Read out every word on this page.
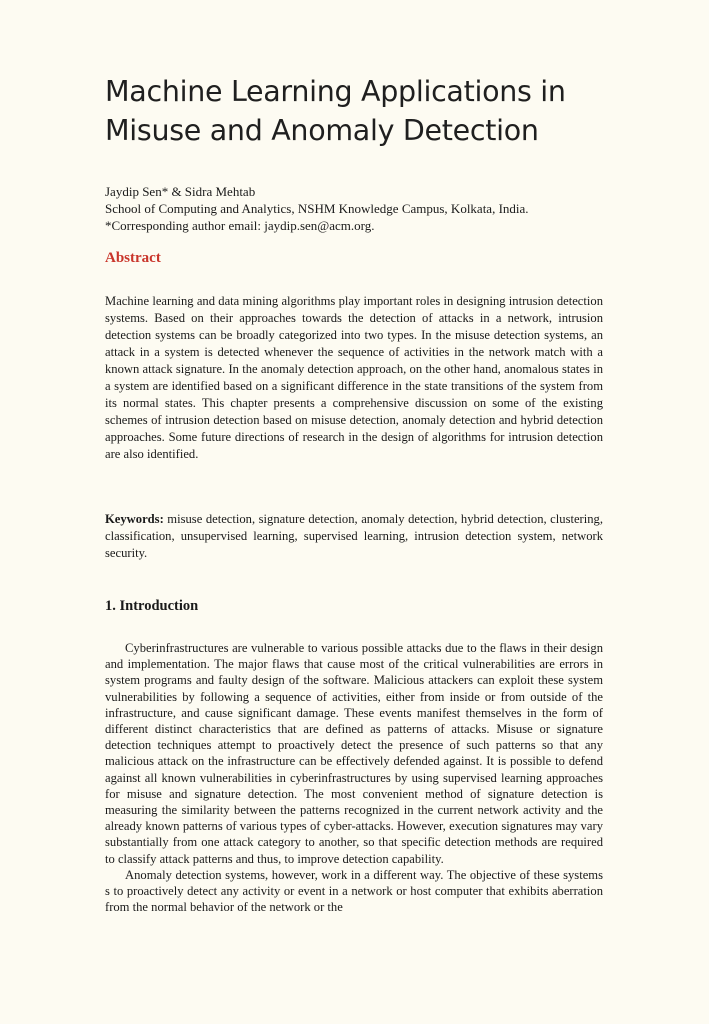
Machine Learning Applications in Misuse and Anomaly Detection
Jaydip Sen* & Sidra Mehtab
School of Computing and Analytics, NSHM Knowledge Campus, Kolkata, India.
*Corresponding author email: jaydip.sen@acm.org.
Abstract

Machine learning and data mining algorithms play important roles in designing intrusion detection systems. Based on their approaches towards the detection of attacks in a network, intrusion detection systems can be broadly categorized into two types. In the misuse detection systems, an attack in a system is detected whenever the sequence of activities in the network match with a known attack signature. In the anomaly detection approach, on the other hand, anomalous states in a system are identified based on a significant difference in the state transitions of the system from its normal states. This chapter presents a comprehensive discussion on some of the existing schemes of intrusion detection based on misuse detection, anomaly detection and hybrid detection approaches. Some future directions of research in the design of algorithms for intrusion detection are also identified.

Keywords: misuse detection, signature detection, anomaly detection, hybrid detection, clustering, classification, unsupervised learning, supervised learning, intrusion detection system, network security.

1. Introduction

Cyberinfrastructures are vulnerable to various possible attacks due to the flaws in their design and implementation. The major flaws that cause most of the critical vulnerabilities are errors in system programs and faulty design of the software. Malicious attackers can exploit these system vulnerabilities by following a sequence of activities, either from inside or from outside of the infrastructure, and cause significant damage. These events manifest themselves in the form of different distinct characteristics that are defined as patterns of attacks. Misuse or signature detection techniques attempt to proactively detect the presence of such patterns so that any malicious attack on the infrastructure can be effectively defended against. It is possible to defend against all known vulnerabilities in cyberinfrastructures by using supervised learning approaches for misuse and signature detection. The most convenient method of signature detection is measuring the similarity between the patterns recognized in the current network activity and the already known patterns of various types of cyber-attacks. However, execution signatures may vary substantially from one attack category to another, so that specific detection methods are required to classify attack patterns and thus, to improve detection capability.

Anomaly detection systems, however, work in a different way. The objective of these systems s to proactively detect any activity or event in a network or host computer that exhibits aberration from the normal behavior of the network or the
